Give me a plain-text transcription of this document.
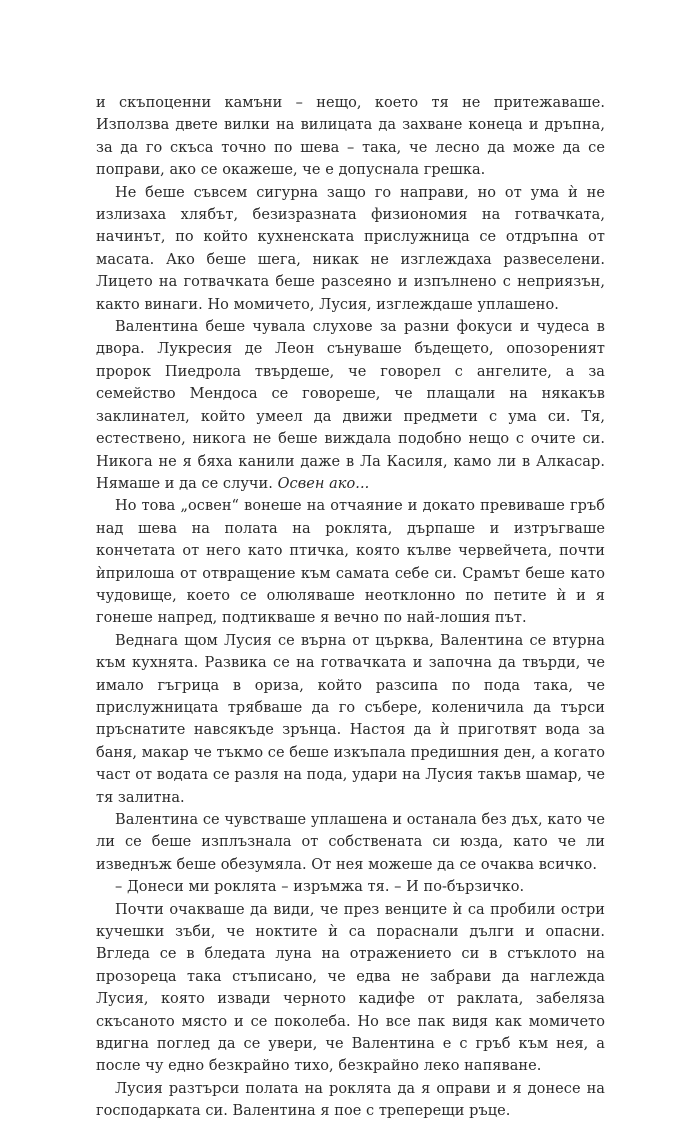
и скъпоценни камъни – нещо, което тя не притежаваше. Използва двете вилки на вилицата да захване конеца и дръпна, за да го скъса точно по шева – така, че лесно да може да се поправи, ако се окажеше, че е допуснала грешка.

Не беше съвсем сигурна защо го направи, но от ума ѝ не излизаха хлябът, безизразната физиономия на готвачката, начинът, по който кухненската прислужница се отдръпна от масата. Ако беше шега, никак не изглеждаха развеселени. Лицето на готвачката беше разсеяно и изпълнено с неприязън, както винаги. Но момичето, Лусия, изглеждаше уплашено.

Валентина беше чувала слухове за разни фокуси и чудеса в двора. Лукресия де Леон сънуваше бъдещето, опозореният пророк Пиедрола твърдеше, че говорел с ангелите, а за семейство Мендоса се говореше, че плащали на някакъв заклинател, който умеел да движи предмети с ума си. Тя, естествено, никога не беше виждала подобно нещо с очите си. Никога не я бяха канили даже в Ла Касиля, камо ли в Алкасар. Нямаше и да се случи. Освен ако...

Но това „освен“ вонеше на отчаяние и докато превиваше гръб над шева на полата на роклята, дърпаше и изтръгваше кончетата от него като птичка, която кълве червейчета, почти ѝприлоша от отвращение към самата себе си. Срамът беше като чудовище, което се олюляваше неотклонно по петите ѝ и я гонеше напред, подтикваше я вечно по най-лошия път.

Веднага щом Лусия се върна от църква, Валентина се втурна към кухнята. Развика се на готвачката и започна да твърди, че имало гъгрица в ориза, който разсипа по пода така, че прислужницата трябваше да го събере, коленичила да търси пръснатите навсякъде зрънца. Настоя да ѝ приготвят вода за баня, макар че тъкмо се беше изкъпала предишния ден, а когато част от водата се разля на пода, удари на Лусия такъв шамар, че тя залитна.

Валентина се чувстваше уплашена и останала без дъх, като че ли се беше изплъзнала от собствената си юзда, като че ли изведнъж беше обезумяла. От нея можеше да се очаква всичко.

– Донеси ми роклята – изръмжа тя. – И по-бързичко.

Почти очакваше да види, че през венците ѝ са пробили остри кучешки зъби, че ноктите ѝ са пораснали дълги и опасни. Вгледа се в бледата луна на отражението си в стъклото на прозореца така стъписано, че едва не забрави да наглежда Лусия, която извади черното кадифе от раклата, забеляза скъсаното място и се поколеба. Но все пак видя как момичето вдигна поглед да се увери, че Валентина е с гръб към нея, а после чу едно безкрайно тихо, безкрайно леко напяване.

Лусия разтърси полата на роклята да я оправи и я донесе на господарката си. Валентина я пое с треперещи ръце.
